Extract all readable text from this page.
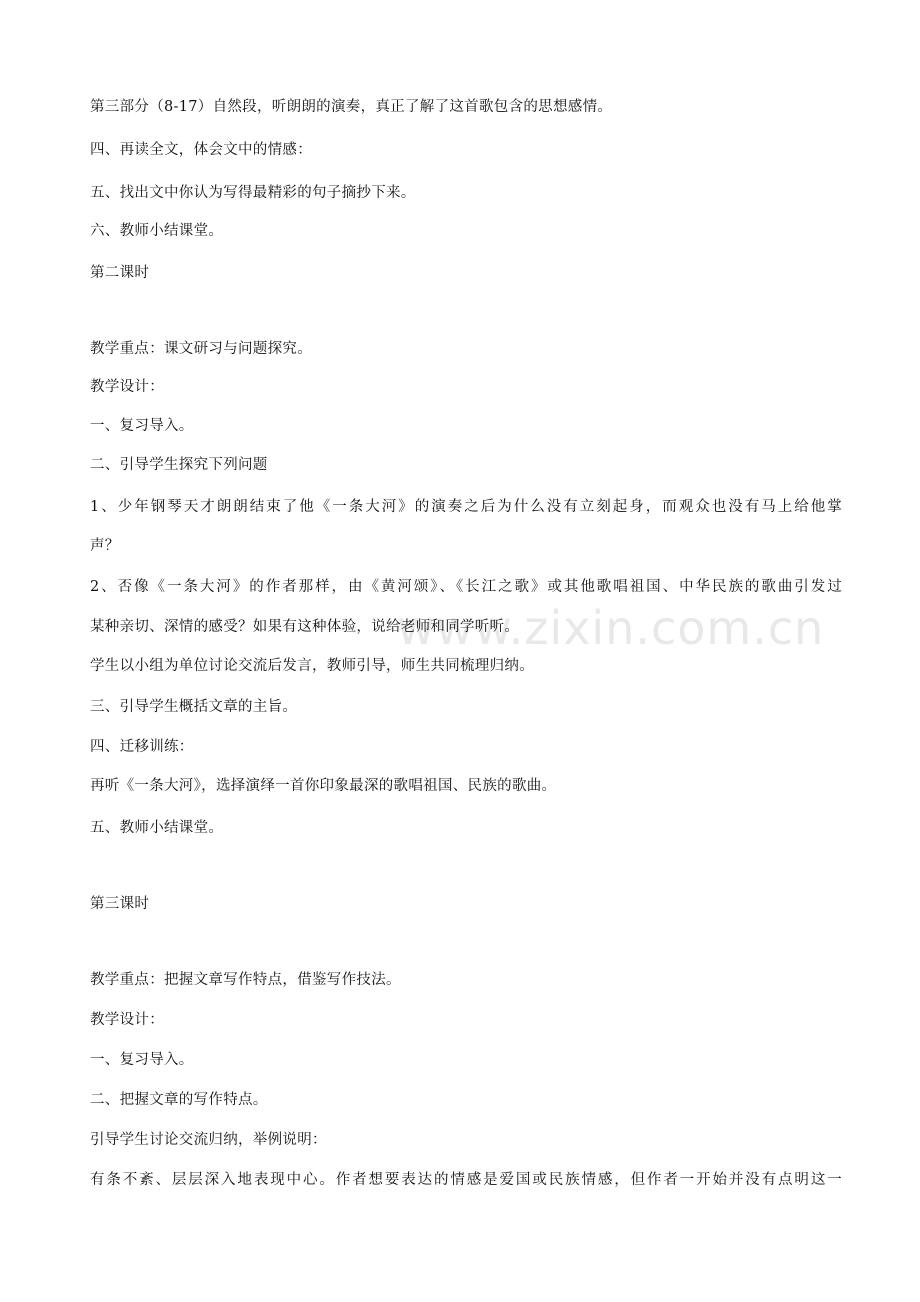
www.zixin.com.cn
第三部分（8-17）自然段，听朗朗的演奏，真正了解了这首歌包含的思想感情。
四、再读全文，体会文中的情感：
五、找出文中你认为写得最精彩的句子摘抄下来。
六、教师小结课堂。
第二课时
教学重点：课文研习与问题探究。
教学设计：
一、复习导入。
二、引导学生探究下列问题
1、少年钢琴天才朗朗结束了他《一条大河》的演奏之后为什么没有立刻起身，而观众也没有马上给他掌
声？
2、否像《一条大河》的作者那样，由《黄河颂》、《长江之歌》或其他歌唱祖国、中华民族的歌曲引发过
某种亲切、深情的感受？如果有这种体验，说给老师和同学听听。
学生以小组为单位讨论交流后发言，教师引导，师生共同梳理归纳。
三、引导学生概括文章的主旨。
四、迁移训练：
再听《一条大河》，选择演绎一首你印象最深的歌唱祖国、民族的歌曲。
五、教师小结课堂。
第三课时
教学重点：把握文章写作特点，借鉴写作技法。
教学设计：
一、复习导入。
二、把握文章的写作特点。
引导学生讨论交流归纳，举例说明：
有条不紊、层层深入地表现中心。作者想要表达的情感是爱国或民族情感，但作者一开始并没有点明这一
